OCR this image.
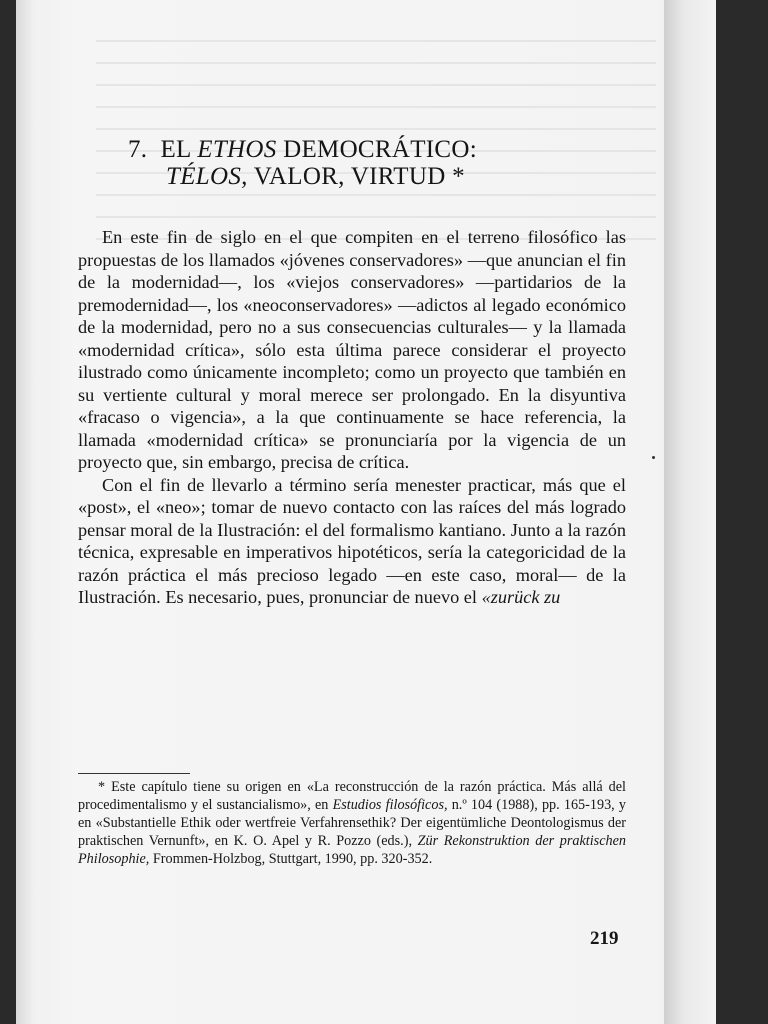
7. EL ETHOS DEMOCRÁTICO:
TÉLOS, VALOR, VIRTUD *

En este fin de siglo en el que compiten en el terreno filosófico las propuestas de los llamados «jóvenes conservadores» —que anuncian el fin de la modernidad—, los «viejos conservadores» —partidarios de la premodernidad—, los «neoconservadores» —adictos al legado económico de la modernidad, pero no a sus consecuencias culturales— y la llamada «modernidad crítica», sólo esta última parece considerar el proyecto ilustrado como únicamente incompleto; como un proyecto que también en su vertiente cultural y moral merece ser prolongado. En la disyuntiva «fracaso o vigencia», a la que continuamente se hace referencia, la llamada «modernidad crítica» se pronunciaría por la vigencia de un proyecto que, sin embargo, precisa de crítica.

Con el fin de llevarlo a término sería menester practicar, más que el «post», el «neo»; tomar de nuevo contacto con las raíces del más logrado pensar moral de la Ilustración: el del formalismo kantiano. Junto a la razón técnica, expresable en imperativos hipotéticos, sería la categoricidad de la razón práctica el más precioso legado —en este caso, moral— de la Ilustración. Es necesario, pues, pronunciar de nuevo el «zurück zu

* Este capítulo tiene su origen en «La reconstrucción de la razón práctica. Más allá del procedimentalismo y el sustancialismo», en Estudios filosóficos, n.º 104 (1988), pp. 165-193, y en «Substantielle Ethik oder wertfreie Verfahrensethik? Der eigentümliche Deontologismus der praktischen Vernunft», en K. O. Apel y R. Pozzo (eds.), Zür Rekonstruktion der praktischen Philosophie, Frommen-Holzbog, Stuttgart, 1990, pp. 320-352.

219
